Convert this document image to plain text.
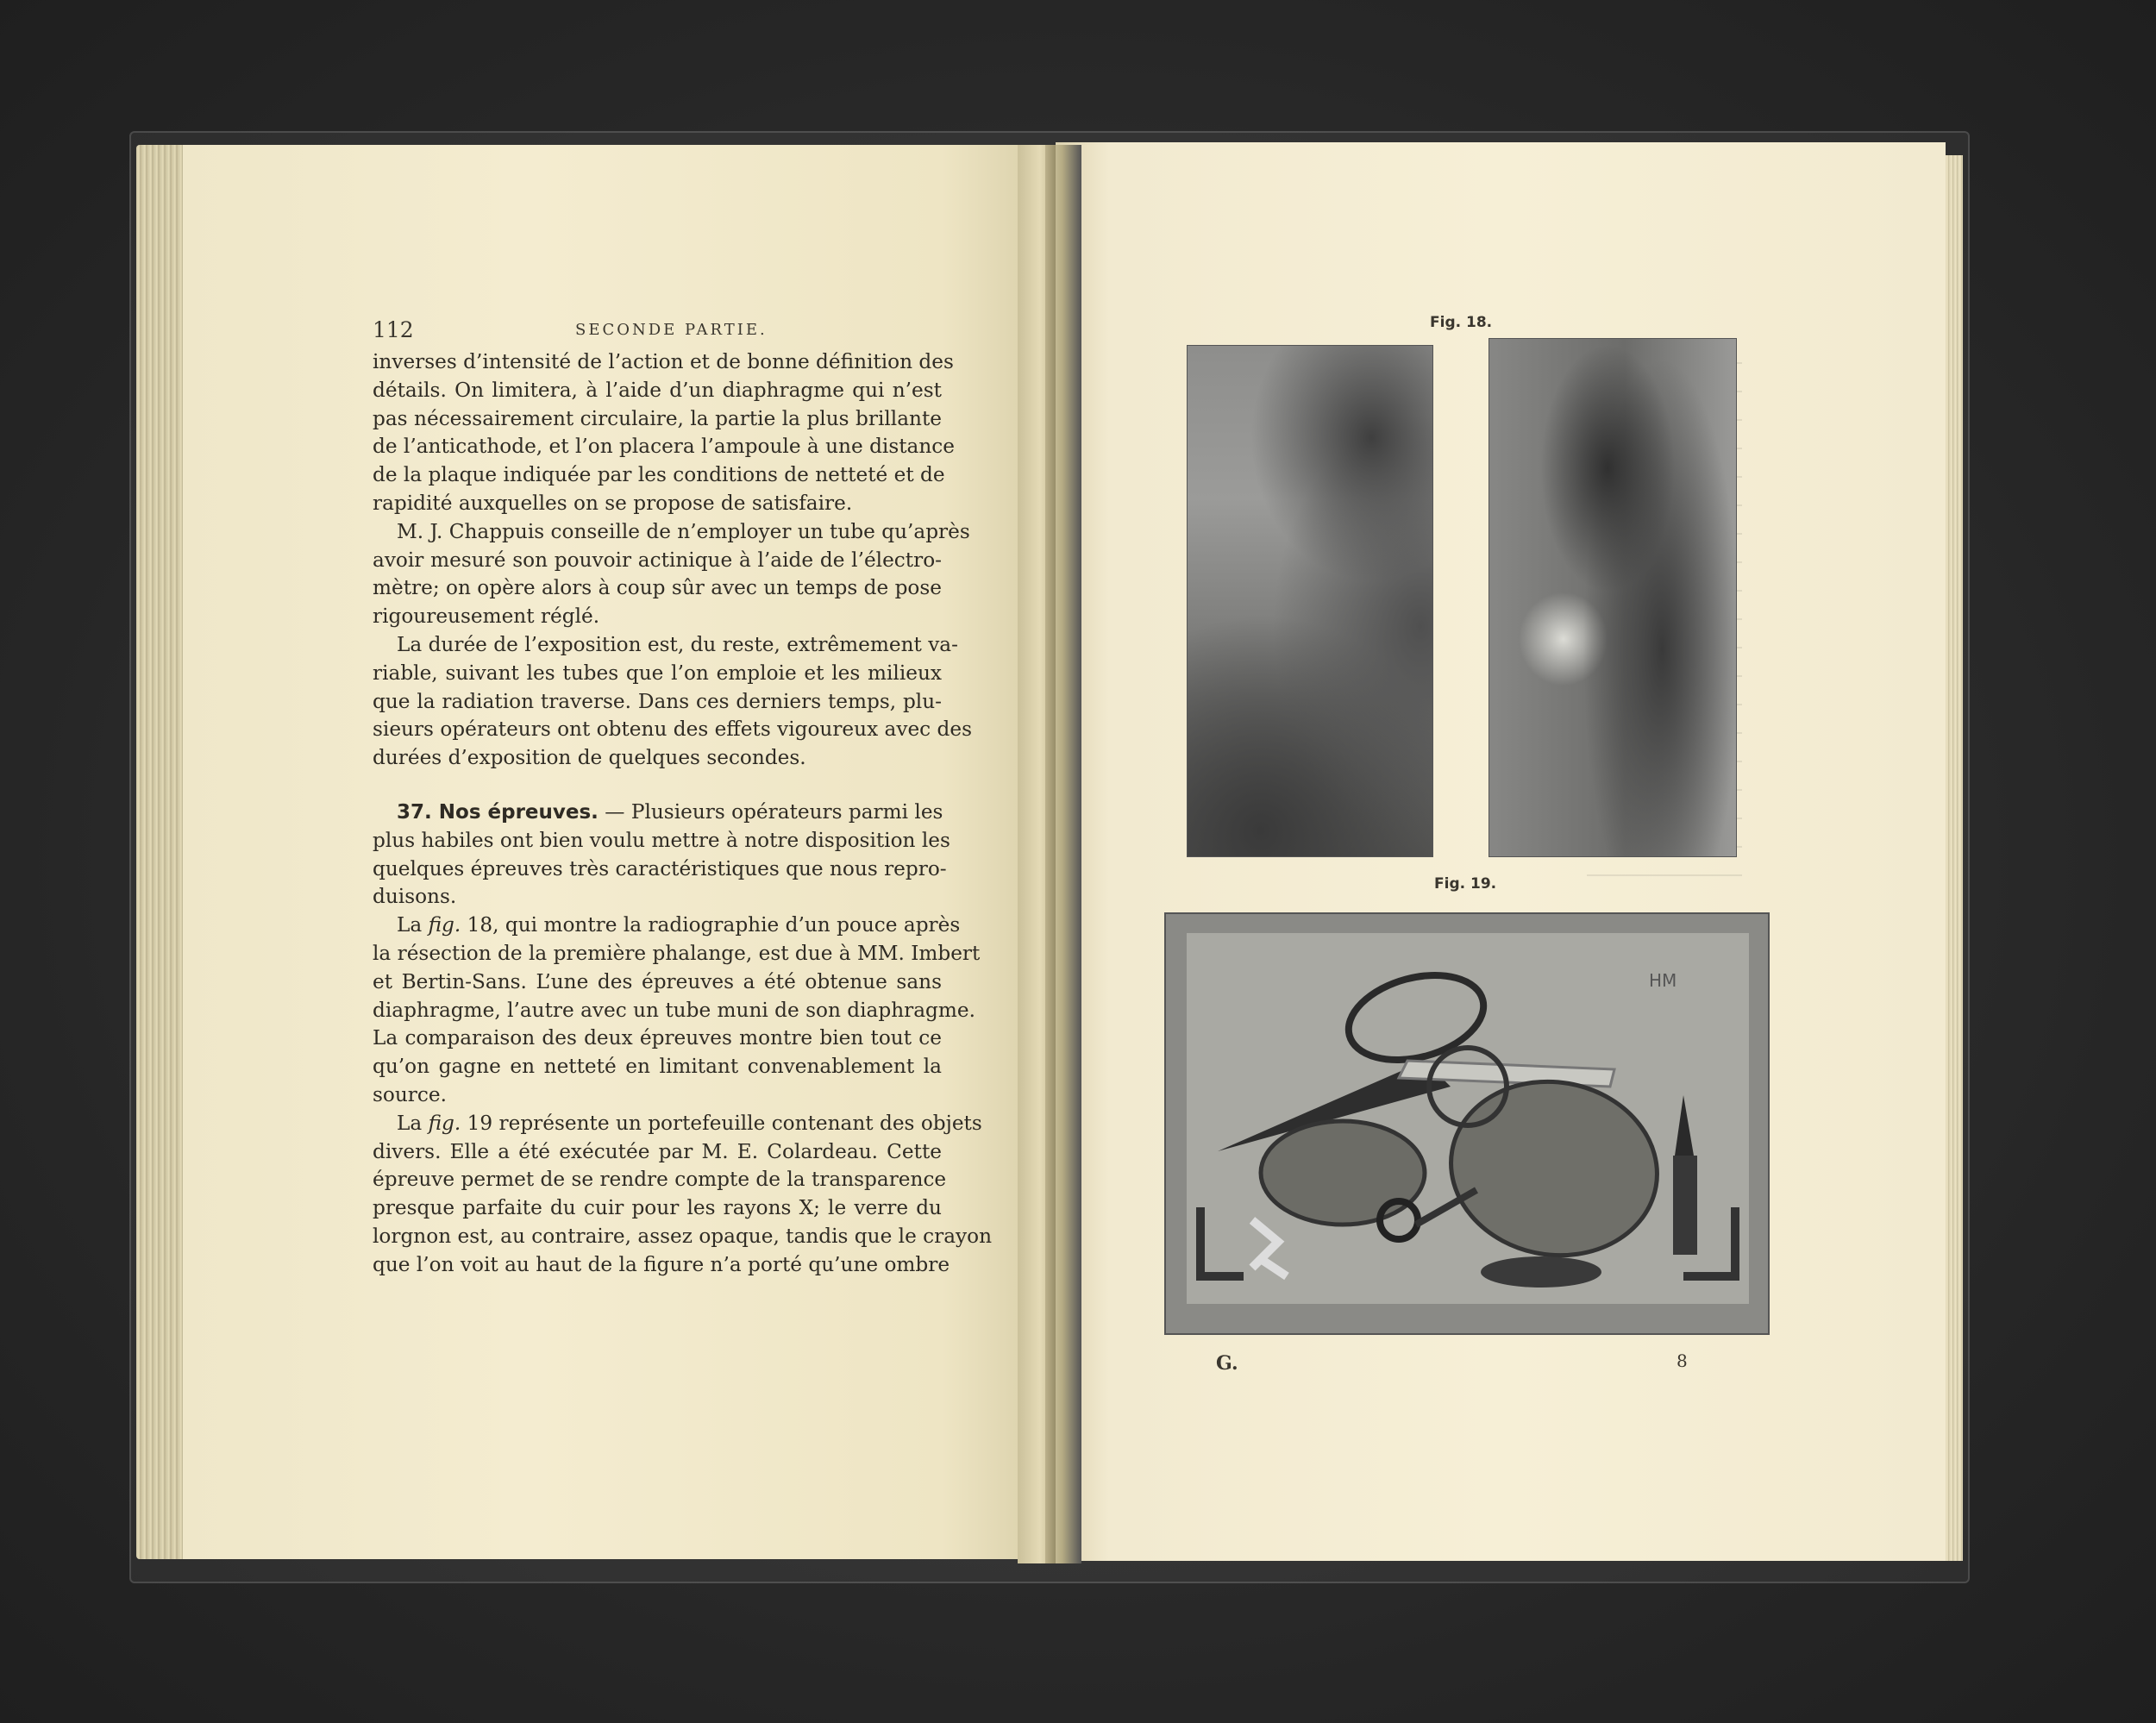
112	SECONDE PARTIE.
inverses d’intensité de l’action et de bonne définition des
détails. On limitera, à l’aide d’un diaphragme qui n’est
pas nécessairement circulaire, la partie la plus brillante
de l’anticathode, et l’on placera l’ampoule à une distance
de la plaque indiquée par les conditions de netteté et de
rapidité auxquelles on se propose de satisfaire.
M. J. Chappuis conseille de n’employer un tube qu’après
avoir mesuré son pouvoir actinique à l’aide de l’électro-
mètre; on opère alors à coup sûr avec un temps de pose
rigoureusement réglé.
La durée de l’exposition est, du reste, extrêmement va-
riable, suivant les tubes que l’on emploie et les milieux
que la radiation traverse. Dans ces derniers temps, plu-
sieurs opérateurs ont obtenu des effets vigoureux avec des
durées d’exposition de quelques secondes.
37. Nos épreuves. — Plusieurs opérateurs parmi les
plus habiles ont bien voulu mettre à notre disposition les
quelques épreuves très caractéristiques que nous repro-
duisons.
La fig. 18, qui montre la radiographie d’un pouce après
la résection de la première phalange, est due à MM. Imbert
et Bertin-Sans. L’une des épreuves a été obtenue sans
diaphragme, l’autre avec un tube muni de son diaphragme.
La comparaison des deux épreuves montre bien tout ce
qu’on gagne en netteté en limitant convenablement la
source.
La fig. 19 représente un portefeuille contenant des objets
divers. Elle a été exécutée par M. E. Colardeau. Cette
épreuve permet de se rendre compte de la transparence
presque parfaite du cuir pour les rayons X; le verre du
lorgnon est, au contraire, assez opaque, tandis que le crayon
que l’on voit au haut de la figure n’a porté qu’une ombre
Fig. 18.
Fig. 19.
HM
G.	8
